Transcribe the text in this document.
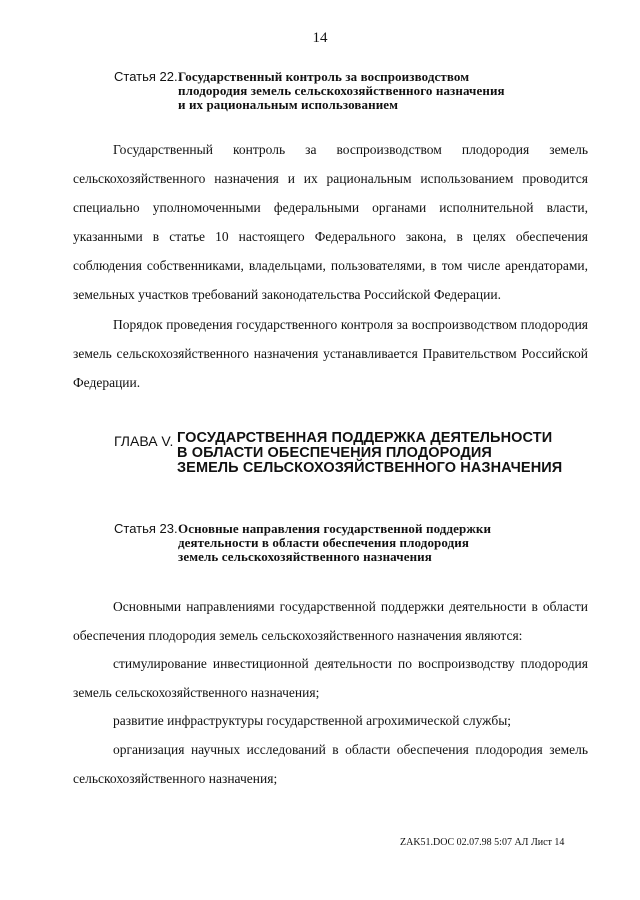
14
Статья 22. Государственный контроль за воспроизводством
плодородия земель сельскохозяйственного назначения
и их рациональным использованием
Государственный контроль за воспроизводством плодородия земель сельскохозяйственного назначения и их рациональным использованием проводится специально уполномоченными федеральными органами исполнительной власти, указанными в статье 10 настоящего Федерального закона, в целях обеспечения соблюдения собственниками, владельцами, пользователями, в том числе арендаторами, земельных участков требований законодательства Российской Федерации.
Порядок проведения государственного контроля за воспроизводством плодородия земель сельскохозяйственного назначения устанавливается Правительством Российской Федерации.
ГЛАВА V. ГОСУДАРСТВЕННАЯ ПОДДЕРЖКА ДЕЯТЕЛЬНОСТИ
В ОБЛАСТИ ОБЕСПЕЧЕНИЯ ПЛОДОРОДИЯ
ЗЕМЕЛЬ СЕЛЬСКОХОЗЯЙСТВЕННОГО НАЗНАЧЕНИЯ
Статья 23. Основные направления государственной поддержки
деятельности в области обеспечения плодородия
земель сельскохозяйственного назначения
Основными направлениями государственной поддержки деятельности в области обеспечения плодородия земель сельскохозяйственного назначения являются:
стимулирование инвестиционной деятельности по воспроизводству плодородия земель сельскохозяйственного назначения;
развитие инфраструктуры государственной агрохимической службы;
организация научных исследований в области обеспечения плодородия земель сельскохозяйственного назначения;
ZAK51.DOC 02.07.98 5:07 АЛ Лист 14
